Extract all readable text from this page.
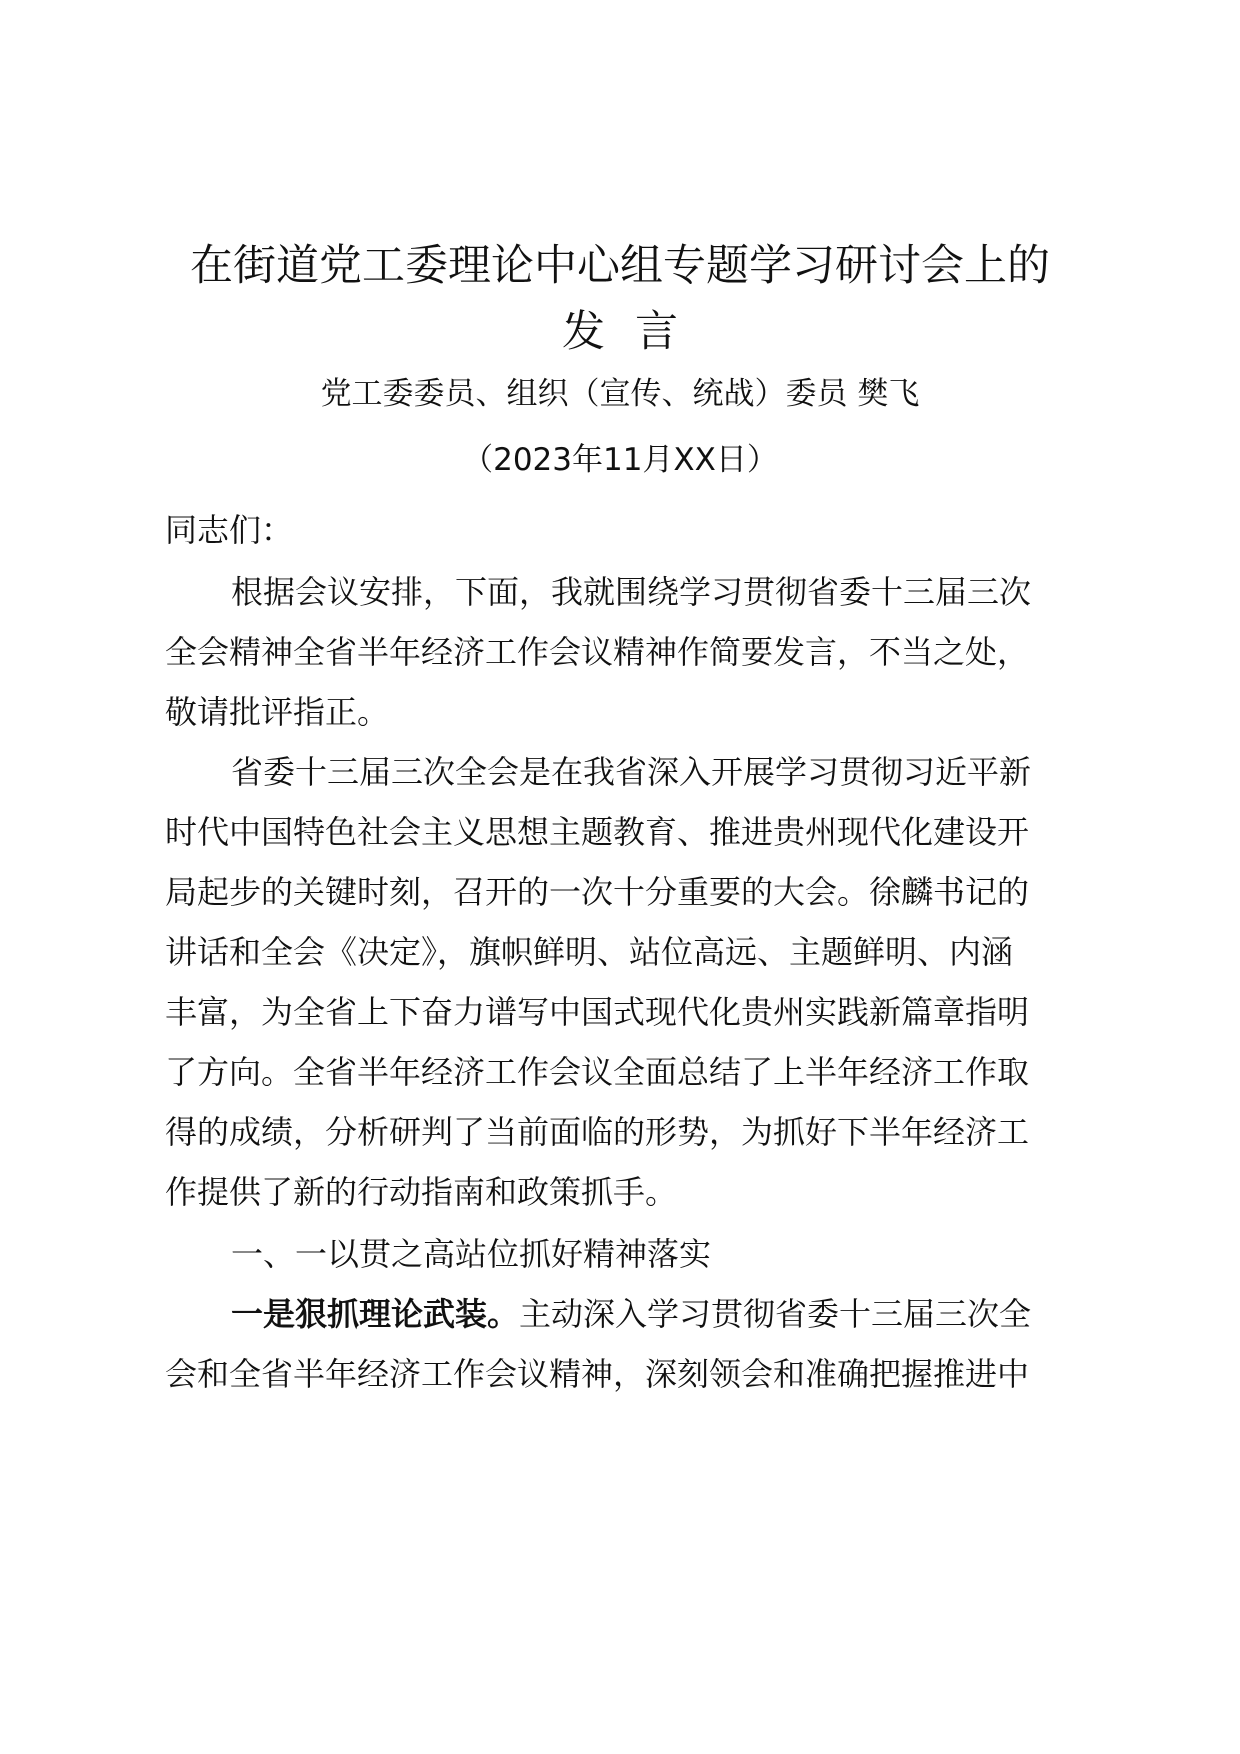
在街道党工委理论中心组专题学习研讨会上的
发言
党工委委员、组织（宣传、统战）委员 樊飞
（2023年11月XX日）
同志们：
根据会议安排，下面，我就围绕学习贯彻省委十三届三次
全会精神全省半年经济工作会议精神作简要发言，不当之处，
敬请批评指正。
省委十三届三次全会是在我省深入开展学习贯彻习近平新
时代中国特色社会主义思想主题教育、推进贵州现代化建设开
局起步的关键时刻，召开的一次十分重要的大会。徐麟书记的
讲话和全会《决定》，旗帜鲜明、站位高远、主题鲜明、内涵
丰富，为全省上下奋力谱写中国式现代化贵州实践新篇章指明
了方向。全省半年经济工作会议全面总结了上半年经济工作取
得的成绩，分析研判了当前面临的形势，为抓好下半年经济工
作提供了新的行动指南和政策抓手。
一、一以贯之高站位抓好精神落实
一是狠抓理论武装。主动深入学习贯彻省委十三届三次全
会和全省半年经济工作会议精神，深刻领会和准确把握推进中
